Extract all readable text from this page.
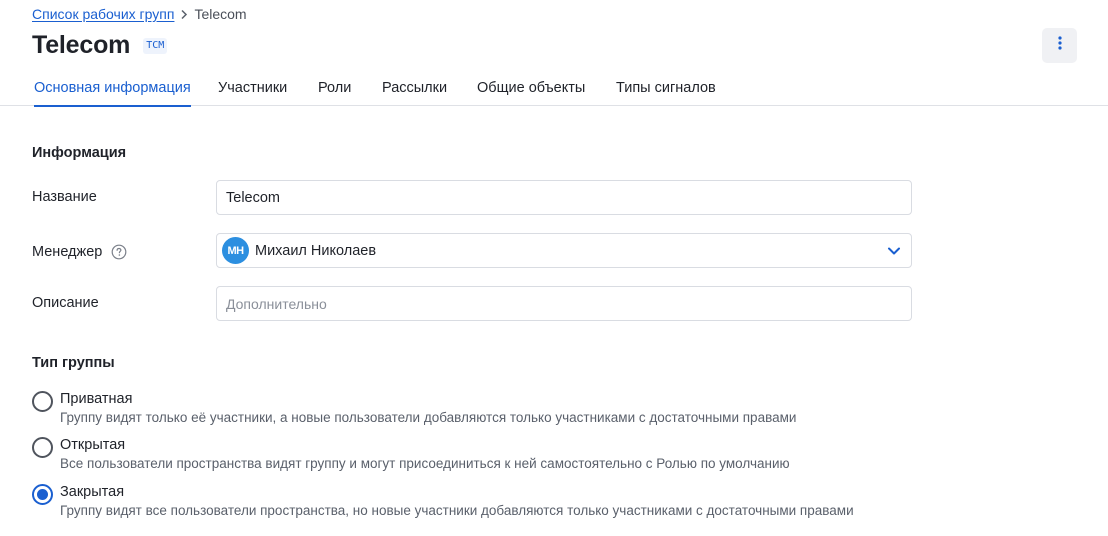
Список рабочих групп Telecom
Telecom	TCM
Основная информация Участники Роли Рассылки Общие объекты Типы сигналов
Информация
Название	Telecom
Менеджер	МН Михаил Николаев
Описание	Дополнительно
Тип группы
Приватная
Группу видят только её участники, а новые пользователи добавляются только участниками с достаточными правами
Открытая
Все пользователи пространства видят группу и могут присоединиться к ней самостоятельно с Ролью по умолчанию
Закрытая
Группу видят все пользователи пространства, но новые участники добавляются только участниками с достаточными правами
